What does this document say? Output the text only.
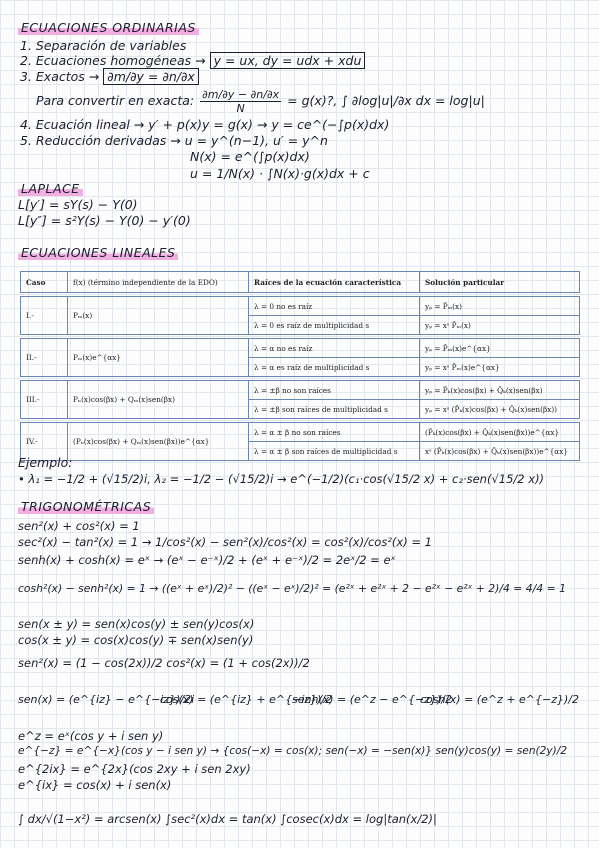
ECUACIONES ORDINARIAS
1. Separación de variables
2. Ecuaciones homogéneas → y = ux, dy = udx + xdu
3. Exactos → ∂m/∂y = ∂n/∂x
Para convertir en exacta: $\frac{\partial m/\partial y - \partial n/\partial x}{N} = g(x)$?, ∫ ∂log|u|/∂x dx = log|u|
4. Ecuación lineal → y′ + p(x)y = g(x) → y = ce^(−∫p(x)dx)
5. Reducción derivadas → u = y^(n−1), u′ = y^n
N(x) = e^(∫p(x)dx)
u = 1/N(x) · ∫N(x)·g(x)dx + c
LAPLACE
L[y′] = sY(s) − Y(0)
L[y″] = s²Y(s) − Y(0) − y′(0)
ECUACIONES LINEALES
Caso	f(x) (término independiente de la EDO)	Raíces de la ecuación característica	Solución particular

I.-	Pₘ(x)	λ = 0 no es raíz	yₚ = P̂ₘ(x)
		λ = 0 es raíz de multiplicidad s	yₚ = xˢ P̂ₘ(x)

II.-	Pₘ(x)e^{αx}	λ = α no es raíz	yₚ = P̂ₘ(x)e^{αx}
		λ = α es raíz de multiplicidad s	yₚ = xˢ P̂ₘ(x)e^{αx}

III.-	Pₙ(x)cos(βx) + Qₘ(x)sen(βx)	λ = ±β no son raíces	yₚ = P̂ₖ(x)cos(βx) + Q̂ₖ(x)sen(βx)
		λ = ±β son raíces de multiplicidad s	yₚ = xˢ (P̂ₖ(x)cos(βx) + Q̂ₖ(x)sen(βx))

IV.-	(Pₙ(x)cos(βx) + Qₘ(x)sen(βx))e^{αx}	λ = α ± β no son raíces	(P̂ₖ(x)cos(βx) + Q̂ₖ(x)sen(βx))e^{αx}
		λ = α ± β son raíces de multiplicidad s	xˢ (P̂ₖ(x)cos(βx) + Q̂ₖ(x)sen(βx))e^{αx}
Ejemplo:
• λ₁ = −1/2 + (√15/2)i, λ₂ = −1/2 − (√15/2)i → e^(−1/2)(c₁·cos(√15/2 x) + c₂·sen(√15/2 x))
TRIGONOMÉTRICAS
sen²(x) + cos²(x) = 1
sec²(x) − tan²(x) = 1 → 1/cos²(x) − sen²(x)/cos²(x) = cos²(x)/cos²(x) = 1
senh(x) + cosh(x) = eˣ → (eˣ − e⁻ˣ)/2 + (eˣ + e⁻ˣ)/2 = 2eˣ/2 = eˣ
cosh²(x) − senh²(x) = 1 → ((eˣ + eˣ)/2)² − ((eˣ − eˣ)/2)² = (e²ˣ + e²ˣ + 2 − e²ˣ − e²ˣ + 2)/4 = 4/4 = 1
sen(x ± y) = sen(x)cos(y) ± sen(y)cos(x)
cos(x ± y) = cos(x)cos(y) ∓ sen(x)sen(y)
sen²(x) = (1 − cos(2x))/2 cos²(x) = (1 + cos(2x))/2
sen(x) = (e^{iz} − e^{−iz})/2i
cos(x) = (e^{iz} + e^{−iz})/2
senh(x) = (e^z − e^{−z})/2
cosh(x) = (e^z + e^{−z})/2
e^z = eˣ(cos y + i sen y)
e^{−z} = e^{−x}(cos y − i sen y) → {cos(−x) = cos(x); sen(−x) = −sen(x)} sen(y)cos(y) = sen(2y)/2
e^{2ix} = e^{2x}(cos 2xy + i sen 2xy)
e^{ix} = cos(x) + i sen(x)
∫ dx/√(1−x²) = arcsen(x) ∫sec²(x)dx = tan(x) ∫cosec(x)dx = log|tan(x/2)|
